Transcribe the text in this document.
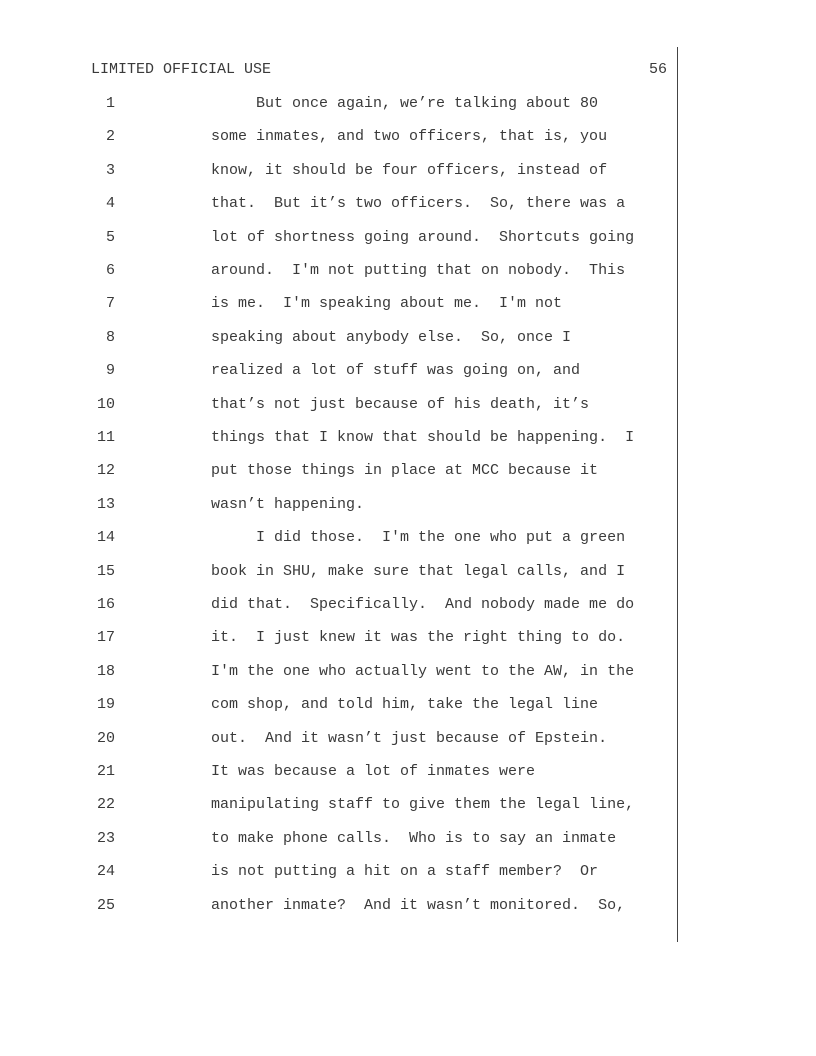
LIMITED OFFICIAL USE	56
1	But once again, we’re talking about 80
2	some inmates, and two officers, that is, you
3	know, it should be four officers, instead of
4	that.  But it’s two officers.  So, there was a
5	lot of shortness going around.  Shortcuts going
6	around.  I'm not putting that on nobody.  This
7	is me.  I'm speaking about me.  I'm not
8	speaking about anybody else.  So, once I
9	realized a lot of stuff was going on, and
10	that’s not just because of his death, it’s
11	things that I know that should be happening.  I
12	put those things in place at MCC because it
13	wasn’t happening.
14	I did those.  I'm the one who put a green
15	book in SHU, make sure that legal calls, and I
16	did that.  Specifically.  And nobody made me do
17	it.  I just knew it was the right thing to do.
18	I'm the one who actually went to the AW, in the
19	com shop, and told him, take the legal line
20	out.  And it wasn’t just because of Epstein.
21	It was because a lot of inmates were
22	manipulating staff to give them the legal line,
23	to make phone calls.  Who is to say an inmate
24	is not putting a hit on a staff member?  Or
25	another inmate?  And it wasn’t monitored.  So,
